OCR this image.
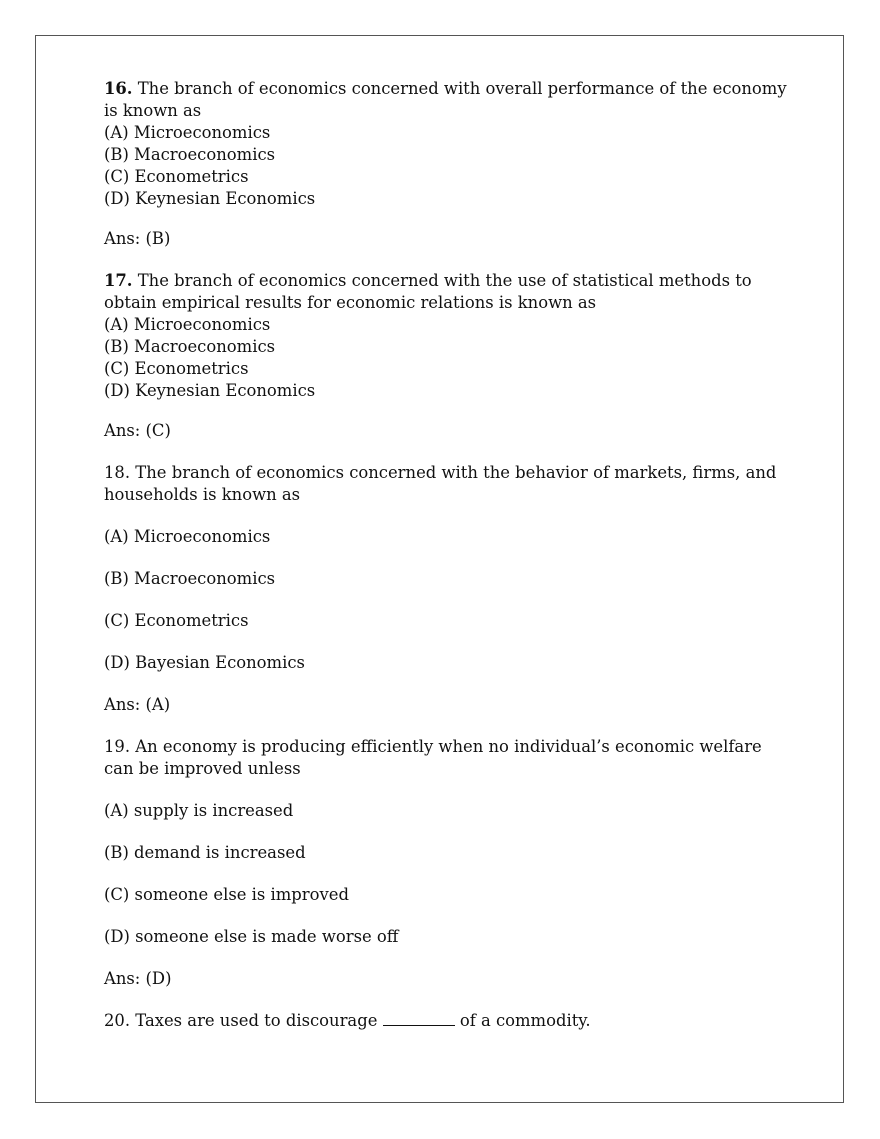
16. The branch of economics concerned with overall performance of the economy is known as

(A) Microeconomics

(B) Macroeconomics

(C) Econometrics

(D) Keynesian Economics

Ans: (B)

17. The branch of economics concerned with the use of statistical methods to obtain empirical results for economic relations is known as

(A) Microeconomics

(B) Macroeconomics

(C) Econometrics

(D) Keynesian Economics

Ans: (C)

18. The branch of economics concerned with the behavior of markets, firms, and households is known as

(A) Microeconomics

(B) Macroeconomics

(C) Econometrics

(D) Bayesian Economics

Ans: (A)

19. An economy is producing efficiently when no individual’s economic welfare can be improved unless

(A) supply is increased

(B) demand is increased

(C) someone else is improved

(D) someone else is made worse off

Ans: (D)

20. Taxes are used to discourage	of a commodity.
